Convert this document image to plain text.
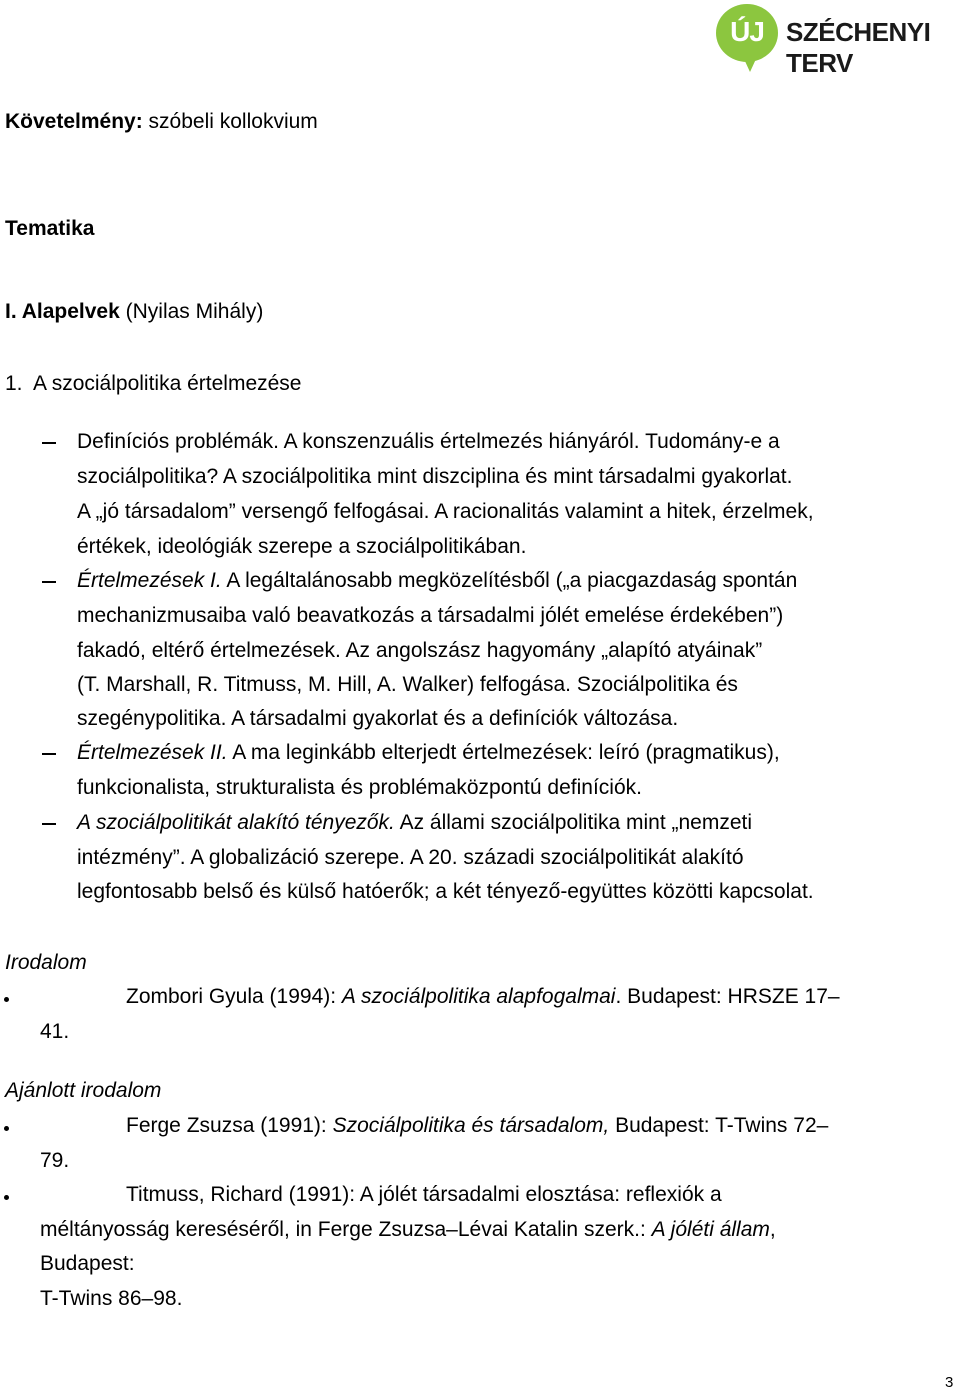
ÚJ SZÉCHENYI TERV
Követelmény: szóbeli kollokvium
Tematika
I. Alapelvek (Nyilas Mihály)
1.  A szociálpolitika értelmezése
Definíciós problémák. A konszenzuális értelmezés hiányáról. Tudomány-e a
szociálpolitika? A szociálpolitika mint diszciplina és mint társadalmi gyakorlat.
A „jó társadalom” versengő felfogásai. A racionalitás valamint a hitek, érzelmek,
értékek, ideológiák szerepe a szociálpolitikában.
Értelmezések I. A legáltalánosabb megközelítésből („a piacgazdaság spontán
mechanizmusaiba való beavatkozás a társadalmi jólét emelése érdekében”)
fakadó, eltérő értelmezések. Az angolszász hagyomány „alapító atyáinak”
(T. Marshall, R. Titmuss, M. Hill, A. Walker) felfogása. Szociálpolitika és
szegénypolitika. A társadalmi gyakorlat és a definíciók változása.
Értelmezések II. A ma leginkább elterjedt értelmezések: leíró (pragmatikus),
funkcionalista, strukturalista és problémaközpontú definíciók.
A szociálpolitikát alakító tényezők. Az állami szociálpolitika mint „nemzeti
intézmény”. A globalizáció szerepe. A 20. századi szociálpolitikát alakító
legfontosabb belső és külső hatóerők; a két tényező-együttes közötti kapcsolat.
Irodalom
Zombori Gyula (1994): A szociálpolitika alapfogalmai. Budapest: HRSZE 17–
41.
Ajánlott irodalom
Ferge Zsuzsa (1991): Szociálpolitika és társadalom, Budapest: T-Twins 72–
79.
Titmuss, Richard (1991): A jólét társadalmi elosztása: reflexiók a
méltányosság kereséséről, in Ferge Zsuzsa–Lévai Katalin szerk.: A jóléti állam,
Budapest:
T-Twins 86–98.
3
